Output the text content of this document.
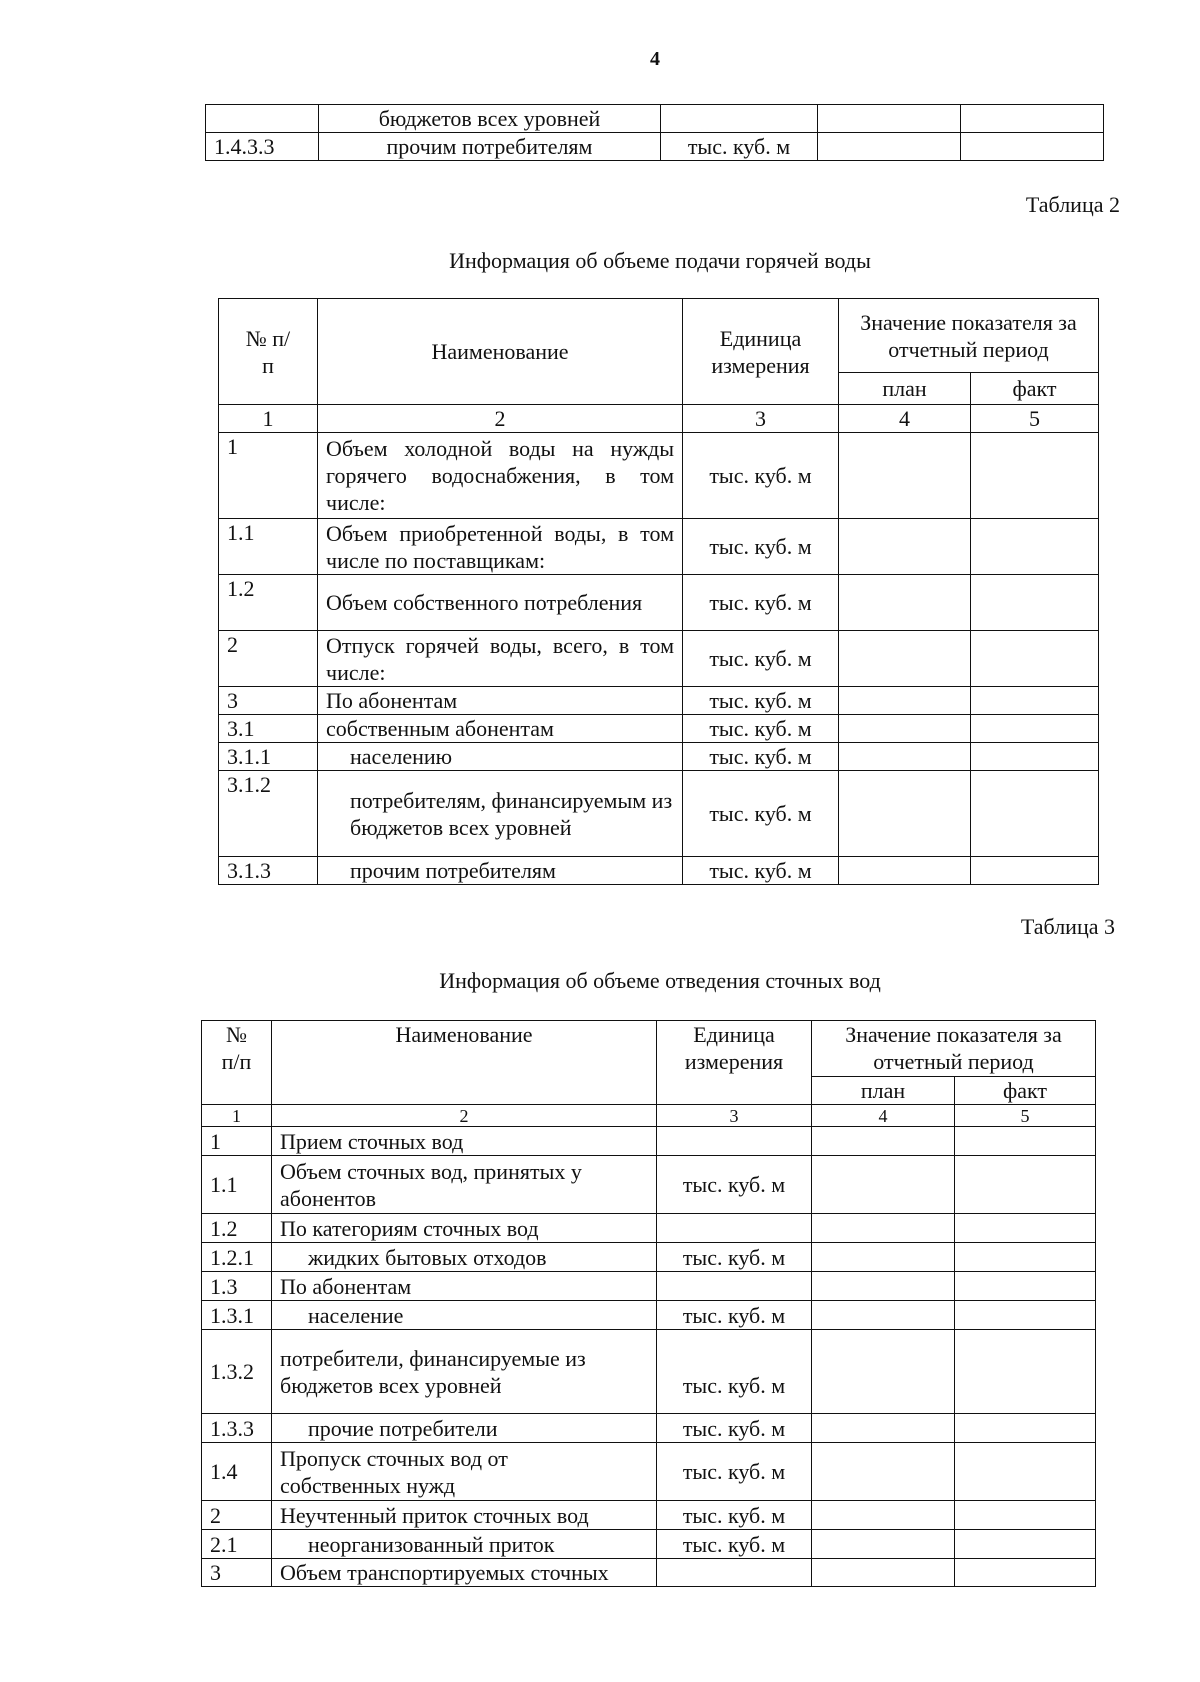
4
	бюджетов всех уровней			
1.4.3.3	прочим потребителям	тыс. куб. м		
Таблица 2
Информация об объеме подачи горячей воды
№ п/п	Наименование	Единица измерения	Значение показателя за отчетный период	
			план	факт
1	2	3	4	5
1	Объем холодной воды на нужды горячего водоснабжения, в том числе:	тыс. куб. м		
1.1	Объем приобретенной воды, в том числе по поставщикам:	тыс. куб. м		
1.2	Объем собственного потребления	тыс. куб. м		
2	Отпуск горячей воды, всего, в том числе:	тыс. куб. м		
3	По абонентам	тыс. куб. м		
3.1	собственным абонентам	тыс. куб. м		
3.1.1	населению	тыс. куб. м		
3.1.2	потребителям, финансируемым из бюджетов всех уровней	тыс. куб. м		
3.1.3	прочим потребителям	тыс. куб. м		
Таблица 3
Информация об объеме отведения сточных вод
№ п/п	Наименование	Единица измерения	Значение показателя за отчетный период	
			план	факт
1	2	3	4	5
1	Прием сточных вод			
1.1	Объем сточных вод, принятых у абонентов	тыс. куб. м		
1.2	По категориям сточных вод			
1.2.1	жидких бытовых отходов	тыс. куб. м		
1.3	По абонентам			
1.3.1	население	тыс. куб. м		
1.3.2	потребители, финансируемые из бюджетов всех уровней	тыс. куб. м		
1.3.3	прочие потребители	тыс. куб. м		
1.4	Пропуск сточных вод от собственных нужд	тыс. куб. м		
2	Неучтенный приток сточных вод	тыс. куб. м		
2.1	неорганизованный приток	тыс. куб. м		
3	Объем транспортируемых сточных			
